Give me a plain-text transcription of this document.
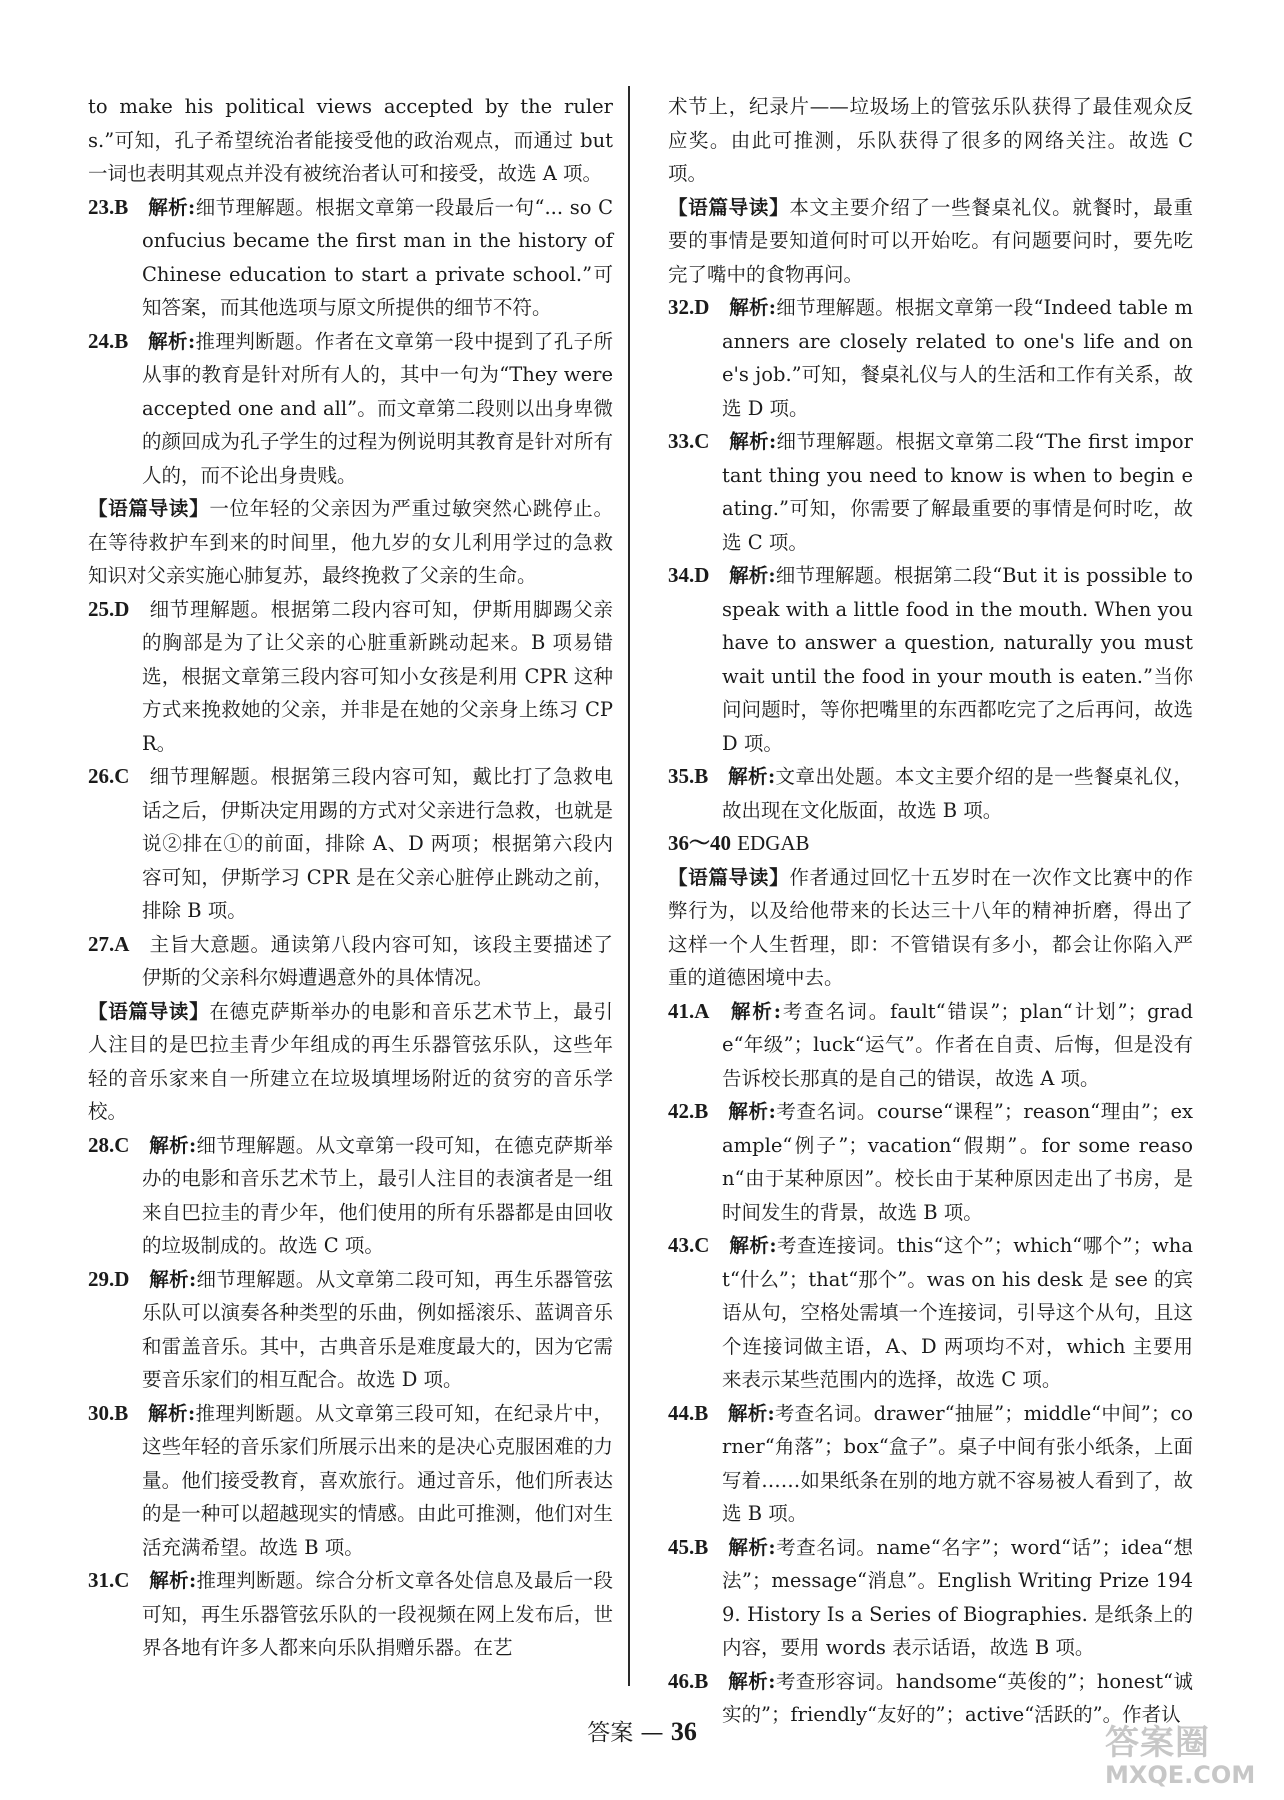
to make his political views accepted by the rulers.”可知，孔子希望统治者能接受他的政治观点，而通过 but 一词也表明其观点并没有被统治者认可和接受，故选 A 项。

23.B  解析:细节理解题。根据文章第一段最后一句“... so Confucius became the first man in the history of Chinese education to start a private school.”可知答案，而其他选项与原文所提供的细节不符。

24.B  解析:推理判断题。作者在文章第一段中提到了孔子所从事的教育是针对所有人的，其中一句为“They were accepted one and all”。而文章第二段则以出身卑微的颜回成为孔子学生的过程为例说明其教育是针对所有人的，而不论出身贵贱。

【语篇导读】一位年轻的父亲因为严重过敏突然心跳停止。在等待救护车到来的时间里，他九岁的女儿利用学过的急救知识对父亲实施心肺复苏，最终挽救了父亲的生命。

25.D  细节理解题。根据第二段内容可知，伊斯用脚踢父亲的胸部是为了让父亲的心脏重新跳动起来。B 项易错选，根据文章第三段内容可知小女孩是利用 CPR 这种方式来挽救她的父亲，并非是在她的父亲身上练习 CPR。

26.C  细节理解题。根据第三段内容可知，戴比打了急救电话之后，伊斯决定用踢的方式对父亲进行急救，也就是说②排在①的前面，排除 A、D 两项；根据第六段内容可知，伊斯学习 CPR 是在父亲心脏停止跳动之前，排除 B 项。

27.A  主旨大意题。通读第八段内容可知，该段主要描述了伊斯的父亲科尔姆遭遇意外的具体情况。

【语篇导读】在德克萨斯举办的电影和音乐艺术节上，最引人注目的是巴拉圭青少年组成的再生乐器管弦乐队，这些年轻的音乐家来自一所建立在垃圾填埋场附近的贫穷的音乐学校。

28.C  解析:细节理解题。从文章第一段可知，在德克萨斯举办的电影和音乐艺术节上，最引人注目的表演者是一组来自巴拉圭的青少年，他们使用的所有乐器都是由回收的垃圾制成的。故选 C 项。

29.D  解析:细节理解题。从文章第二段可知，再生乐器管弦乐队可以演奏各种类型的乐曲，例如摇滚乐、蓝调音乐和雷盖音乐。其中，古典音乐是难度最大的，因为它需要音乐家们的相互配合。故选 D 项。

30.B  解析:推理判断题。从文章第三段可知，在纪录片中，这些年轻的音乐家们所展示出来的是决心克服困难的力量。他们接受教育，喜欢旅行。通过音乐，他们所表达的是一种可以超越现实的情感。由此可推测，他们对生活充满希望。故选 B 项。

31.C  解析:推理判断题。综合分析文章各处信息及最后一段可知，再生乐器管弦乐队的一段视频在网上发布后，世界各地有许多人都来向乐队捐赠乐器。在艺

术节上，纪录片——垃圾场上的管弦乐队获得了最佳观众反应奖。由此可推测，乐队获得了很多的网络关注。故选 C 项。

【语篇导读】本文主要介绍了一些餐桌礼仪。就餐时，最重要的事情是要知道何时可以开始吃。有问题要问时，要先吃完了嘴中的食物再问。

32.D  解析:细节理解题。根据文章第一段“Indeed table manners are closely related to one's life and one's job.”可知，餐桌礼仪与人的生活和工作有关系，故选 D 项。

33.C  解析:细节理解题。根据文章第二段“The first important thing you need to know is when to begin eating.”可知，你需要了解最重要的事情是何时吃，故选 C 项。

34.D  解析:细节理解题。根据第二段“But it is possible to speak with a little food in the mouth. When you have to answer a question, naturally you must wait until the food in your mouth is eaten.”当你问问题时，等你把嘴里的东西都吃完了之后再问，故选 D 项。

35.B  解析:文章出处题。本文主要介绍的是一些餐桌礼仪，故出现在文化版面，故选 B 项。

36～40 EDGAB

【语篇导读】作者通过回忆十五岁时在一次作文比赛中的作弊行为，以及给他带来的长达三十八年的精神折磨，得出了这样一个人生哲理，即：不管错误有多小，都会让你陷入严重的道德困境中去。

41.A  解析:考查名词。fault“错误”；plan“计划”；grade“年级”；luck“运气”。作者在自责、后悔，但是没有告诉校长那真的是自己的错误，故选 A 项。

42.B  解析:考查名词。course“课程”；reason“理由”；example“例子”；vacation“假期”。for some reason“由于某种原因”。校长由于某种原因走出了书房，是时间发生的背景，故选 B 项。

43.C  解析:考查连接词。this“这个”；which“哪个”；what“什么”；that“那个”。was on his desk 是 see 的宾语从句，空格处需填一个连接词，引导这个从句，且这个连接词做主语，A、D 两项均不对，which 主要用来表示某些范围内的选择，故选 C 项。

44.B  解析:考查名词。drawer“抽屉”；middle“中间”；corner“角落”；box“盒子”。桌子中间有张小纸条，上面写着……如果纸条在别的地方就不容易被人看到了，故选 B 项。

45.B  解析:考查名词。name“名字”；word“话”；idea“想法”；message“消息”。English Writing Prize 1949. History Is a Series of Biographies. 是纸条上的内容，要用 words 表示话语，故选 B 项。

46.B  解析:考查形容词。handsome“英俊的”；honest“诚实的”；friendly“友好的”；active“活跃的”。作者认

答案 — 36	答案圈
MXQE.COM
